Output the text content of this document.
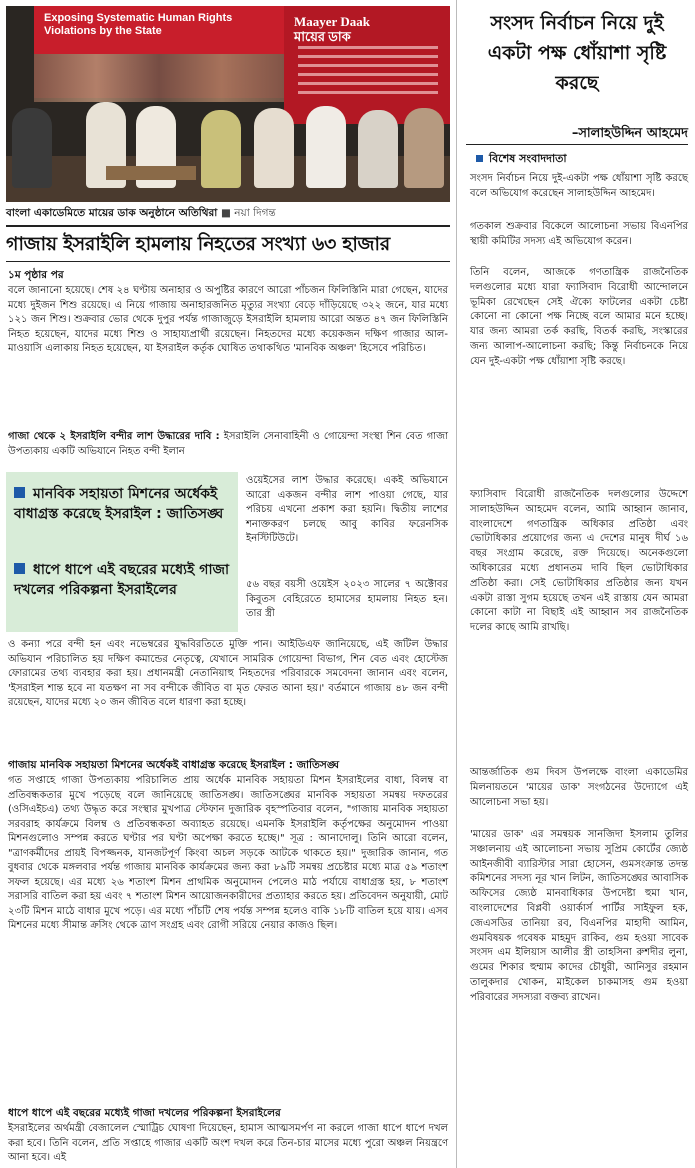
Exposing Systematic Human Rights Violations by the State
Maayer Daak
মায়ের ডাক
বাংলা একাডেমিতে মায়ের ডাক অনুষ্ঠানে অতিথিরা ■ নয়া দিগন্ত
গাজায় ইসরাইলি হামলায় নিহতের সংখ্যা ৬৩ হাজার
১ম পৃষ্ঠার পর
বলে জানানো হয়েছে। শেষ ২৪ ঘণ্টায় অনাহার ও অপুষ্টির কারণে আরো পাঁচজন ফিলিস্তিনি মারা গেছেন, যাদের মধ্যে দুইজন শিশু রয়েছে। এ নিয়ে গাজায় অনাহারজনিত মৃত্যুর সংখ্যা বেড়ে দাঁড়িয়েছে ৩২২ জনে, যার মধ্যে ১২১ জন শিশু। শুক্রবার ভোর থেকে দুপুর পর্যন্ত গাজাজুড়ে ইসরাইলি হামলায় আরো অন্তত ৪৭ জন ফিলিস্তিনি নিহত হয়েছেন, যাদের মধ্যে শিশু ও সাহায্যপ্রার্থী রয়েছেন। নিহতদের মধ্যে কয়েকজন দক্ষিণ গাজার আল-মাওয়াসি এলাকায় নিহত হয়েছেন, যা ইসরাইল কর্তৃক ঘোষিত তথাকথিত 'মানবিক অঞ্চল' হিসেবে পরিচিত।
গাজা থেকে ২ ইসরাইলি বন্দীর লাশ উদ্ধারের দাবি : ইসরাইলি সেনাবাহিনী ও গোয়েন্দা সংস্থা শিন বেত গাজা উপত্যকায় একটি অভিযানে নিহত বন্দী ইলান
মানবিক সহায়তা মিশনের অর্ধেকই বাধাগ্রস্ত করেছে ইসরাইল : জাতিসঙ্ঘ
ধাপে ধাপে এই বছরের মধ্যেই গাজা দখলের পরিকল্পনা ইসরাইলের
ওয়েইসের লাশ উদ্ধার করেছে। একই অভিযানে আরো একজন বন্দীর লাশ পাওয়া গেছে, যার পরিচয় এখনো প্রকাশ করা হয়নি। দ্বিতীয় লাশের শনাক্তকরণ চলছে আবু কাবির ফরেনসিক ইনস্টিটিউটে।
৫৬ বছর বয়সী ওয়েইস ২০২৩ সালের ৭ অক্টোবর কিবুতস বেহিরেতে হামাসের হামলায় নিহত হন। তার স্ত্রী
ও কন্যা পরে বন্দী হন এবং নভেম্বরের যুদ্ধবিরতিতে মুক্তি পান। আইডিএফ জানিয়েছে, এই জটিল উদ্ধার অভিযান পরিচালিত হয় দক্ষিণ কমান্ডের নেতৃত্বে, যেখানে সামরিক গোয়েন্দা বিভাগ, শিন বেত এবং হোস্টেজ ফোরামের তথ্য ব্যবহার করা হয়। প্রধানমন্ত্রী নেতানিয়াহু নিহতদের পরিবারকে সমবেদনা জানান এবং বলেন, 'ইসরাইল শান্ত হবে না যতক্ষণ না সব বন্দীকে জীবিত বা মৃত ফেরত আনা হয়।' বর্তমানে গাজায় ৪৮ জন বন্দী রয়েছেন, যাদের মধ্যে ২০ জন জীবিত বলে ধারণা করা হচ্ছে।
গাজায় মানবিক সহায়তা মিশনের অর্ধেকই বাধাগ্রস্ত করেছে ইসরাইল : জাতিসঙ্ঘ
গত সপ্তাহে গাজা উপত্যকায় পরিচালিত প্রায় অর্ধেক মানবিক সহায়তা মিশন ইসরাইলের বাধা, বিলম্ব বা প্রতিবন্ধকতার মুখে পড়েছে বলে জানিয়েছে জাতিসঙ্ঘ। জাতিসঙ্ঘের মানবিক সহায়তা সমন্বয় দফতরের (ওসিএইচএ) তথ্য উদ্ধৃত করে সংস্থার মুখপাত্র স্টেফান দুজারিক বৃহস্পতিবার বলেন, "গাজায় মানবিক সহায়তা সরবরাহ কার্যক্রমে বিলম্ব ও প্রতিবন্ধকতা অব্যাহত রয়েছে। এমনকি ইসরাইলি কর্তৃপক্ষের অনুমোদন পাওয়া মিশনগুলোও সম্পন্ন করতে ঘণ্টার পর ঘণ্টা অপেক্ষা করতে হচ্ছে।" সূত্র : আনাদোলু। তিনি আরো বলেন, "ত্রাণকর্মীদের প্রায়ই বিপজ্জনক, যানজটপূর্ণ কিংবা অচল সড়কে আটকে থাকতে হয়।" দুজারিক জানান, গত বুধবার থেকে মঙ্গলবার পর্যন্ত গাজায় মানবিক কার্যক্রমের জন্য করা ৮৯টি সমন্বয় প্রচেষ্টার মধ্যে মাত্র ৫৯ শতাংশ সফল হয়েছে। এর মধ্যে ২৬ শতাংশ মিশন প্রাথমিক অনুমোদন পেলেও মাঠ পর্যায়ে বাধাগ্রস্ত হয়, ৮ শতাংশ সরাসরি বাতিল করা হয় এবং ৭ শতাংশ মিশন আয়োজনকারীদের প্রত্যাহার করতে হয়। প্রতিবেদন অনুযায়ী, মোট ২৩টি মিশন মাঠে বাধার মুখে পড়ে। এর মধ্যে পাঁচটি শেষ পর্যন্ত সম্পন্ন হলেও বাকি ১৮টি বাতিল হয়ে যায়। এসব মিশনের মধ্যে সীমান্ত ক্রসিং থেকে ত্রাণ সংগ্রহ এবং রোগী সরিয়ে নেয়ার কাজও ছিল।
ধাপে ধাপে এই বছরের মধ্যেই গাজা দখলের পরিকল্পনা ইসরাইলের
ইসরাইলের অর্থমন্ত্রী বেজালেল স্মোট্রিচ ঘোষণা দিয়েছেন, হামাস আত্মসমর্পণ না করলে গাজা ধাপে ধাপে দখল করা হবে। তিনি বলেন, প্রতি সপ্তাহে গাজার একটি অংশ দখল করে তিন-চার মাসের মধ্যে পুরো অঞ্চল নিয়ন্ত্রণে আনা হবে। এই
সংসদ নির্বাচন নিয়ে দুই একটা পক্ষ ধোঁয়াশা সৃষ্টি করছে
–সালাহউদ্দিন আহমেদ
বিশেষ সংবাদদাতা
সংসদ নির্বাচন নিয়ে দুই-একটা পক্ষ ধোঁয়াশা সৃষ্টি করছে বলে অভিযোগ করেছেন সালাহউদ্দিন আহমেদ।
গতকাল শুক্রবার বিকেলে আলোচনা সভায় বিএনপির স্থায়ী কমিটির সদস্য এই অভিযোগ করেন।
তিনি বলেন, আজকে গণতান্ত্রিক রাজনৈতিক দলগুলোর মধ্যে যারা ফ্যাসিবাদ বিরোধী আন্দোলনে ভূমিকা রেখেছেন সেই ঐক্যে ফাটলের একটা চেষ্টা কোনো না কোনো পক্ষ নিচ্ছে বলে আমার মনে হচ্ছে। যার জন্য আমরা তর্ক করছি, বিতর্ক করছি, সংস্কারের জন্য আলাপ-আলোচনা করছি; কিন্তু নির্বাচনকে নিয়ে যেন দুই-একটা পক্ষ ধোঁয়াশা সৃষ্টি করছে।
ফ্যাসিবাদ বিরোধী রাজনৈতিক দলগুলোর উদ্দেশে সালাহউদ্দিন আহমেদ বলেন, আমি আহ্বান জানাব, বাংলাদেশে গণতান্ত্রিক অধিকার প্রতিষ্ঠা এবং ভোটাধিকার প্রয়োগের জন্য এ দেশের মানুষ দীর্ঘ ১৬ বছর সংগ্রাম করেছে, রক্ত দিয়েছে। অনেকগুলো অধিকারের মধ্যে প্রধানতম দাবি ছিল ভোটাধিকার প্রতিষ্ঠা করা। সেই ভোটাধিকার প্রতিষ্ঠার জন্য যখন একটা রাস্তা সুগম হয়েছে তখন এই রাস্তায় যেন আমরা কোনো কাটা না বিছাই এই আহ্বান সব রাজনৈতিক দলের কাছে আমি রাখছি।
আন্তর্জাতিক গুম দিবস উপলক্ষে বাংলা একাডেমির মিলনায়তনে 'মায়ের ডাক' সংগঠনের উদ্যোগে এই আলোচনা সভা হয়।
'মায়ের ডাক' এর সমন্বয়ক সানজিদা ইসলাম তুলির সঞ্চালনায় এই আলোচনা সভায় সুপ্রিম কোর্টের জ্যেষ্ঠ আইনজীবী ব্যারিস্টার সারা হোসেন, গুমসংক্রান্ত তদন্ত কমিশনের সদস্য নূর খান লিটন, জাতিসঙ্ঘের আবাসিক অফিসের জ্যেষ্ঠ মানবাধিকার উপদেষ্টা হুমা খান, বাংলাদেশের বিপ্লবী ওয়ার্কার্স পার্টির সাইফুল হক, জেএসডির তানিয়া রব, বিএনপির মাহাদী আমিন, গুমবিষয়ক গবেষক মাহমুদ রাকিব, গুম হওয়া সাবেক সংসদ এম ইলিয়াস আলীর স্ত্রী তাহসিনা রুশদীর লুনা, গুমের শিকার হুম্মাম কাদের চৌধুরী, আনিসুর রহমান তালুকদার খোকন, মাইকেল চাকমাসহ গুম হওয়া পরিবারের সদস্যরা বক্তব্য রাখেন।
